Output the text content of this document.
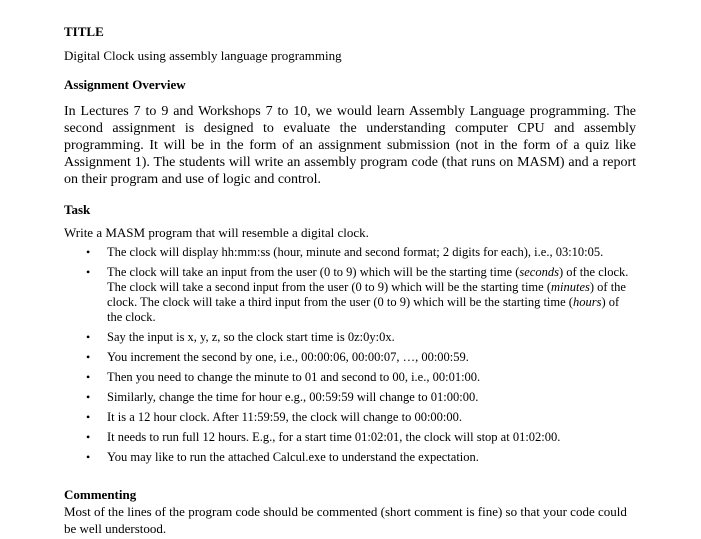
TITLE

Digital Clock using assembly language programming

Assignment Overview

In Lectures 7 to 9 and Workshops 7 to 10, we would learn Assembly Language programming. The second assignment is designed to evaluate the understanding computer CPU and assembly programming. It will be in the form of an assignment submission (not in the form of a quiz like Assignment 1). The students will write an assembly program code (that runs on MASM) and a report on their program and use of logic and control.

Task

Write a MASM program that will resemble a digital clock.

• The clock will display hh:mm:ss (hour, minute and second format; 2 digits for each), i.e., 03:10:05.
• The clock will take an input from the user (0 to 9) which will be the starting time (seconds) of the clock. The clock will take a second input from the user (0 to 9) which will be the starting time (minutes) of the clock. The clock will take a third input from the user (0 to 9) which will be the starting time (hours) of the clock.
• Say the input is x, y, z, so the clock start time is 0z:0y:0x.
• You increment the second by one, i.e., 00:00:06, 00:00:07, …, 00:00:59.
• Then you need to change the minute to 01 and second to 00, i.e., 00:01:00.
• Similarly, change the time for hour e.g., 00:59:59 will change to 01:00:00.
• It is a 12 hour clock. After 11:59:59, the clock will change to 00:00:00.
• It needs to run full 12 hours. E.g., for a start time 01:02:01, the clock will stop at 01:02:00.
• You may like to run the attached Calcul.exe to understand the expectation.

Commenting

Most of the lines of the program code should be commented (short comment is fine) so that your code could be well understood.
